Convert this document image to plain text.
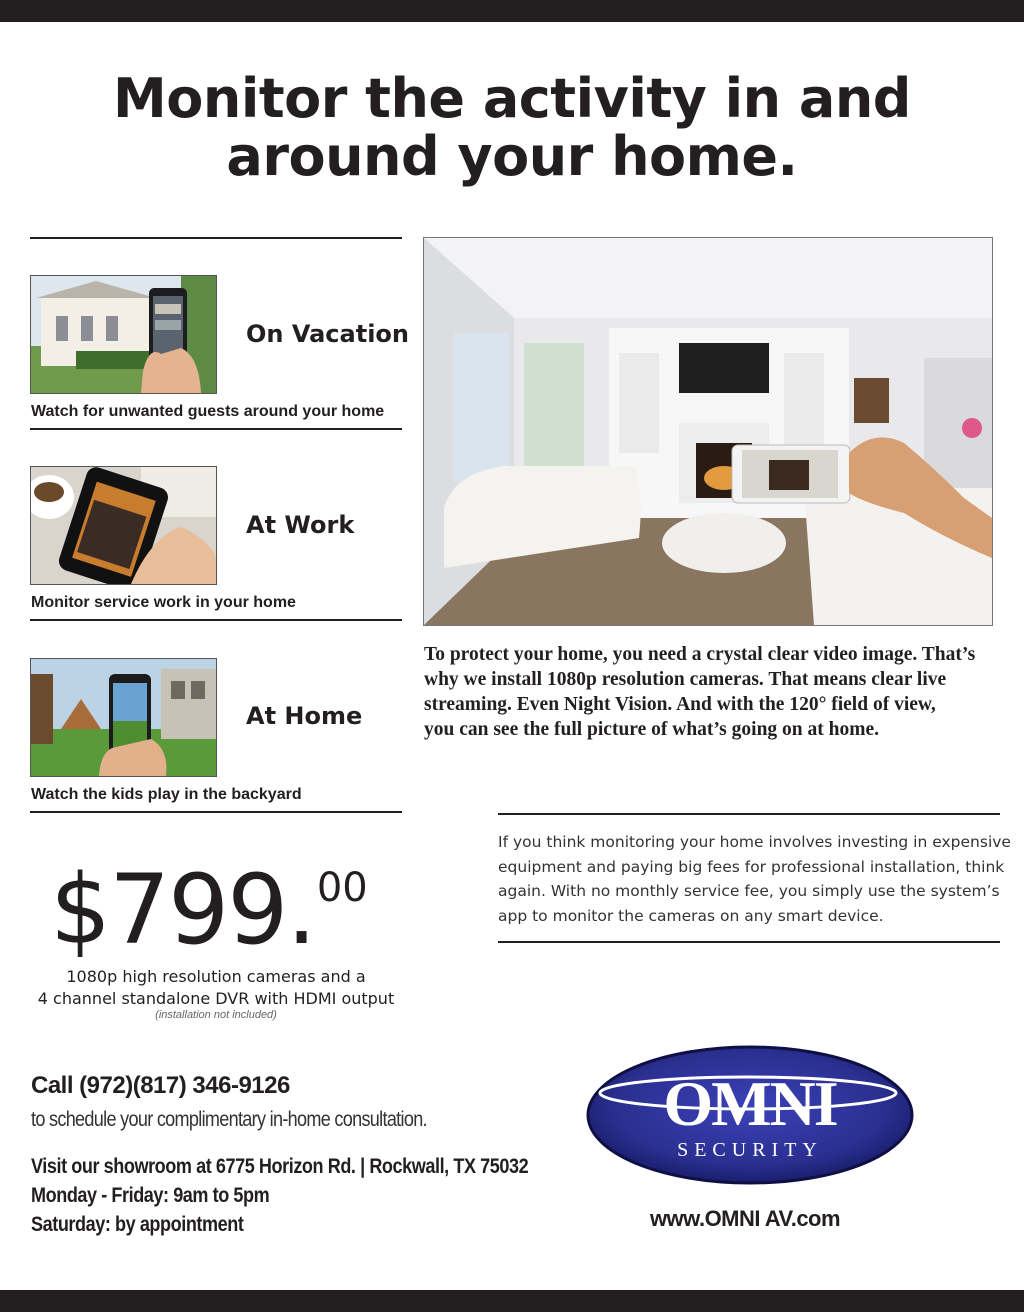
Monitor the activity in and
around your home.
On Vacation
Watch for unwanted guests around your home
At Work
Monitor service work in your home
At Home
Watch the kids play in the backyard
To protect your home, you need a crystal clear video image. That’s
why we install 1080p resolution cameras. That means clear live
streaming. Even Night Vision. And with the 120° field of view,
you can see the full picture of what’s going on at home.
If you think monitoring your home involves investing in expensive
equipment and paying big fees for professional installation, think
again. With no monthly service fee, you simply use the system’s
app to monitor the cameras on any smart device.
$799.00
1080p high resolution cameras and a
4 channel standalone DVR with HDMI output
(installation not included)
Call (972)(817) 346-9126
to schedule your complimentary in-home consultation.
Visit our showroom at 6775 Horizon Rd. | Rockwall, TX 75032
Monday - Friday: 9am to 5pm
Saturday: by appointment
OMNI
SECURITY
www.OMNI AV.com
